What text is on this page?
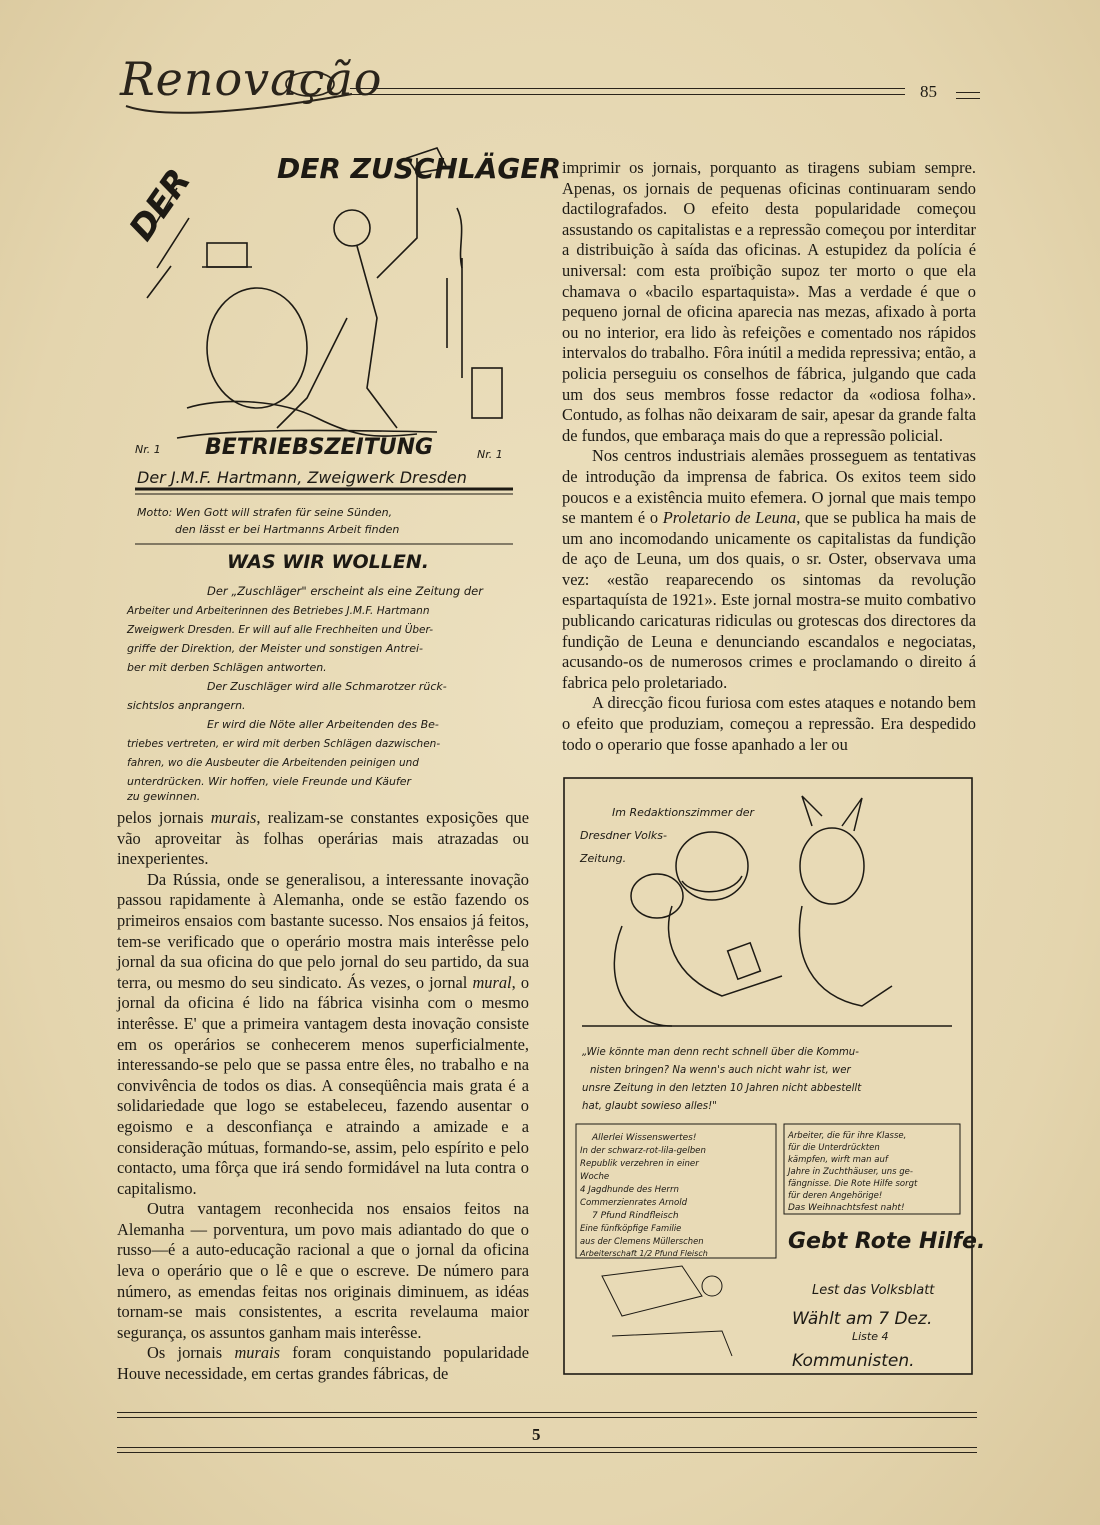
Renovação	85
DER	DER ZUSCHLÄGER
Nr. 1 BETRIEBSZEITUNG	Nr. 1
Der J.M.F. Hartmann, Zweigwerk Dresden
Motto: Wen Gott will strafen für seine Sünden,
den lässt er bei Hartmanns Arbeit finden
WAS WIR WOLLEN.
Der „Zuschläger" erscheint als eine Zeitung der
Arbeiter und Arbeiterinnen des Betriebes J.M.F. Hartmann
Zweigwerk Dresden. Er will auf alle Frechheiten und Über-
griffe der Direktion, der Meister und sonstigen Antrei-
ber mit derben Schlägen antworten.
Der Zuschläger wird alle Schmarotzer rück-
sichtslos anprangern.
Er wird die Nöte aller Arbeitenden des Be-
triebes vertreten, er wird mit derben Schlägen dazwischen-
fahren, wo die Ausbeuter die Arbeitenden peinigen und
unterdrücken. Wir hoffen, viele Freunde und Käufer
zu gewinnen.

imprimir os jornais, porquanto as tiragens subiam sempre. Apenas, os jornais de pequenas oficinas continuaram sendo dactilografados. O efeito desta popularidade começou assustando os capitalistas e a repressão começou por interditar a distribuição à saída das oficinas. A estupidez da polícia é universal: com esta proïbição supoz ter morto o que ela chamava o «bacilo espartaquista». Mas a verdade é que o pequeno jornal de oficina aparecia nas mezas, afixado à porta ou no interior, era lido às refeições e comentado nos rápidos intervalos do trabalho. Fôra inútil a medida repressiva; então, a policia perseguiu os conselhos de fábrica, julgando que cada um dos seus membros fosse redactor da «odiosa folha». Contudo, as folhas não deixaram de sair, apesar da grande falta de fundos, que embaraça mais do que a repressão policial.

Nos centros industriais alemães prosseguem as tentativas de introdução da imprensa de fabrica. Os exitos teem sido poucos e a existência muito efemera. O jornal que mais tempo se mantem é o Proletario de Leuna, que se publica ha mais de um ano incomodando unicamente os capitalistas da fundição de aço de Leuna, um dos quais, o sr. Oster, observava uma vez: «estão reaparecendo os sintomas da revolução espartaquísta de 1921». Este jornal mostra-se muito combativo publicando caricaturas ridiculas ou grotescas dos directores da fundição de Leuna e denunciando escandalos e negociatas, acusando-os de numerosos crimes e proclamando o direito á fabrica pelo proletariado.

A direcção ficou furiosa com estes ataques e notando bem o efeito que produziam, começou a repressão. Era despedido todo o operario que fosse apanhado a ler ou

Im Redaktionszimmer der
Dresdner Volks-
Zeitung.
„Wie könnte man denn recht schnell über die Kommu-
nisten bringen? Na wenn's auch nicht wahr ist, wer
unsre Zeitung in den letzten 10 Jahren nicht abbestellt
hat, glaubt sowieso alles!"
Allerlei Wissenswertes!
In der schwarz-rot-lila-gelben
Republik verzehren in einer
Woche
4 Jagdhunde des Herrn
Commerzienrates Arnold
7 Pfund Rindfleisch
Eine fünfköpfige Familie
aus der Clemens Müllerschen
Arbeiterschaft 1/2 Pfund Fleisch
Arbeiter, die für ihre Klasse,
für die Unterdrückten
kämpfen, wirft man auf
Jahre in Zuchthäuser, uns ge-
fängnisse. Die Rote Hilfe sorgt
für deren Angehörige!
Das Weihnachtsfest naht!
Gebt Rote Hilfe.
Lest das Volksblatt
Wählt am 7 Dez.
Liste 4
Kommunisten.

pelos jornais murais, realizam-se constantes exposições que vão aproveitar às folhas operárias mais atrazadas ou inexperientes.

Da Rússia, onde se generalisou, a interessante inovação passou rapidamente à Alemanha, onde se estão fazendo os primeiros ensaios com bastante sucesso. Nos ensaios já feitos, tem-se verificado que o operário mostra mais interêsse pelo jornal da sua oficina do que pelo jornal do seu partido, da sua terra, ou mesmo do seu sindicato. Ás vezes, o jornal mural, o jornal da oficina é lido na fábrica visinha com o mesmo interêsse. E' que a primeira vantagem desta inovação consiste em os operários se conhecerem menos superficialmente, interessando-se pelo que se passa entre êles, no trabalho e na convivência de todos os dias. A conseqüência mais grata é a solidariedade que logo se estabeleceu, fazendo ausentar o egoismo e a desconfiança e atraindo a amizade e a consideração mútuas, formando-se, assim, pelo espírito e pelo contacto, uma fôrça que irá sendo formidável na luta contra o capitalismo.

Outra vantagem reconhecida nos ensaios feitos na Alemanha — porventura, um povo mais adiantado do que o russo—é a auto-educação racional a que o jornal da oficina leva o operário que o lê e que o escreve. De número para número, as emendas feitas nos originais diminuem, as idéas tornam-se mais consistentes, a escrita revelauma maior segurança, os assuntos ganham mais interêsse.

Os jornais murais foram conquistando popularidade Houve necessidade, em certas grandes fábricas, de

5
